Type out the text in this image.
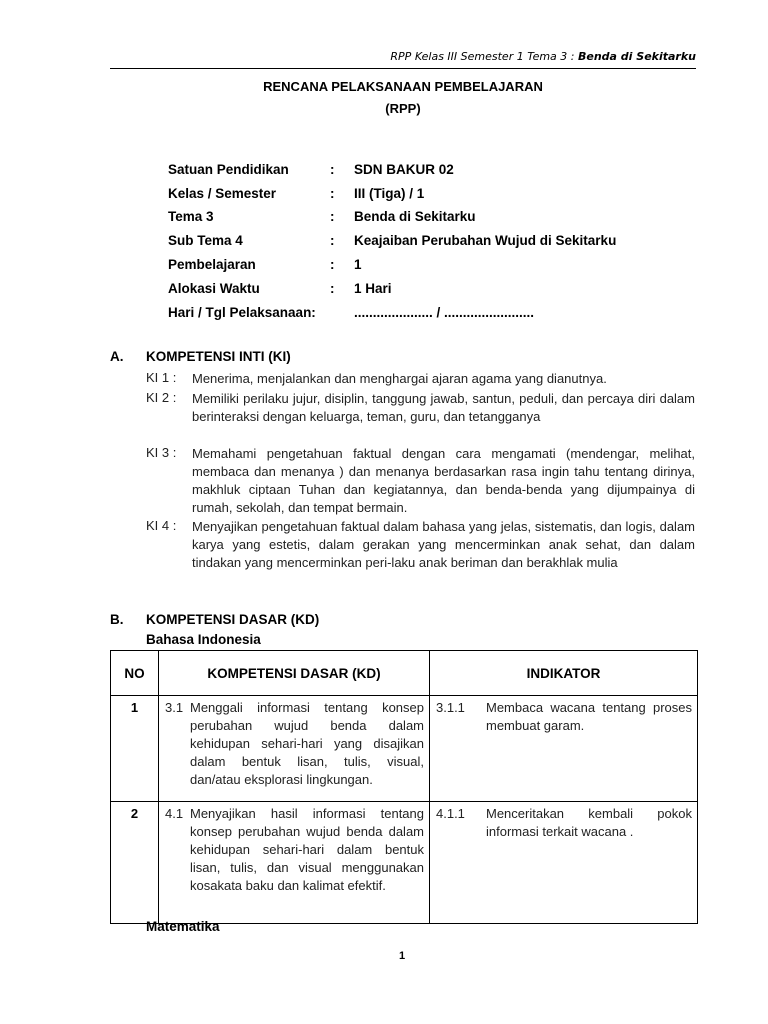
RPP Kelas III Semester 1 Tema 3 : Benda di Sekitarku
RENCANA PELAKSANAAN PEMBELAJARAN
(RPP)
Satuan Pendidikan	: SDN BAKUR 02
Kelas / Semester	: III (Tiga) / 1
Tema 3	: Benda di Sekitarku
Sub Tema 4	: Keajaiban Perubahan Wujud di Sekitarku
Pembelajaran	: 1
Alokasi Waktu	: 1 Hari
Hari / Tgl Pelaksanaan:	..................... / ........................
A. KOMPETENSI INTI (KI)
KI 1 : Menerima, menjalankan dan menghargai ajaran agama yang dianutnya.
KI 2 : Memiliki perilaku jujur, disiplin, tanggung jawab, santun, peduli, dan percaya diri dalam berinteraksi dengan keluarga, teman, guru, dan tetangganya
KI 3 : Memahami pengetahuan faktual dengan cara mengamati (mendengar, melihat, membaca dan menanya ) dan menanya berdasarkan rasa ingin tahu tentang dirinya, makhluk ciptaan Tuhan dan kegiatannya, dan benda-benda yang dijumpainya di rumah, sekolah, dan tempat bermain.
KI 4 : Menyajikan pengetahuan faktual dalam bahasa yang jelas, sistematis, dan logis, dalam karya yang estetis, dalam gerakan yang mencerminkan anak sehat, dan dalam tindakan yang mencerminkan peri-laku anak beriman dan berakhlak mulia
B. KOMPETENSI DASAR (KD)
Bahasa Indonesia
NO	KOMPETENSI DASAR (KD)	INDIKATOR
1	3.1 Menggali informasi tentang konsep perubahan wujud benda dalam kehidupan sehari-hari yang disajikan dalam bentuk lisan, tulis, visual, dan/atau eksplorasi lingkungan.	3.1.1 Membaca wacana tentang proses membuat garam.

2	4.1 Menyajikan hasil informasi tentang konsep perubahan wujud benda dalam kehidupan sehari-hari dalam bentuk lisan, tulis, dan visual menggunakan kosakata baku dan kalimat efektif.	4.1.1 Menceritakan kembali pokok informasi terkait wacana .
Matematika
1
